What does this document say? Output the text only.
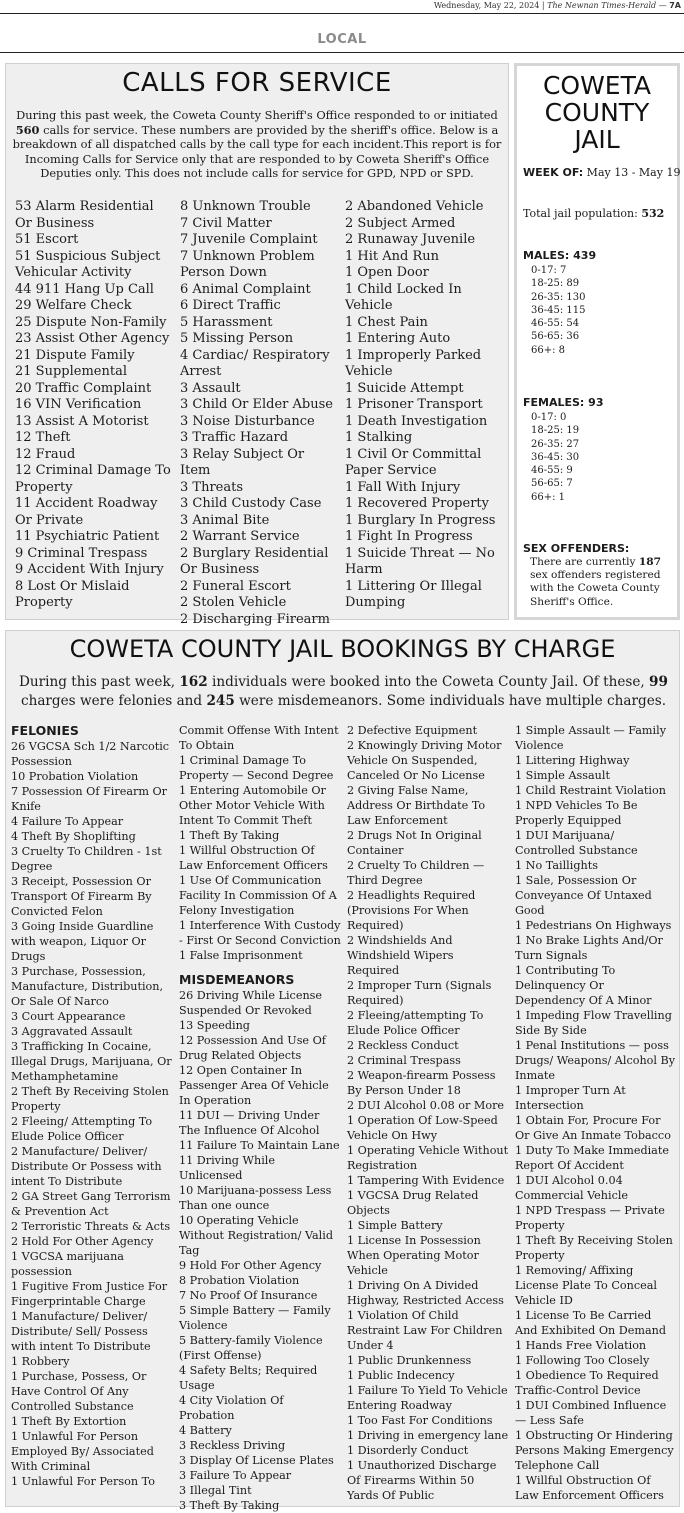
Wednesday, May 22, 2024 | The Newnan Times-Herald — 7A
LOCAL
CALLS FOR SERVICE

During this past week, the Coweta County Sheriff's Office responded to or initiated 560 calls for service. These numbers are provided by the sheriff's office. Below is a breakdown of all dispatched calls by the call type for each incident.This report is for Incoming Calls for Service only that are responded to by Coweta Sheriff's Office Deputies only. This does not include calls for service for GPD, NPD or SPD.

53 Alarm Residential Or Business
51 Escort
51 Suspicious Subject Vehicular Activity
44 911 Hang Up Call
29 Welfare Check
25 Dispute Non-Family
23 Assist Other Agency
21 Dispute Family
21 Supplemental
20 Traffic Complaint
16 VIN Verification
13 Assist A Motorist
12 Theft
12 Fraud
12 Criminal Damage To Property
11 Accident Roadway Or Private
11 Psychiatric Patient
9 Criminal Trespass
9 Accident With Injury
8 Lost Or Mislaid Property
8 Unknown Trouble
7 Civil Matter
7 Juvenile Complaint
7 Unknown Problem Person Down
6 Animal Complaint
6 Direct Traffic
5 Harassment
5 Missing Person
4 Cardiac/ Respiratory Arrest
3 Assault
3 Child Or Elder Abuse
3 Noise Disturbance
3 Traffic Hazard
3 Relay Subject Or Item
3 Threats
3 Child Custody Case
3 Animal Bite
2 Warrant Service
2 Burglary Residential Or Business
2 Funeral Escort
2 Stolen Vehicle
2 Discharging Firearm
2 Abandoned Vehicle
2 Subject Armed
2 Runaway Juvenile
1 Hit And Run
1 Open Door
1 Child Locked In Vehicle
1 Chest Pain
1 Entering Auto
1 Improperly Parked Vehicle
1 Suicide Attempt
1 Prisoner Transport
1 Death Investigation
1 Stalking
1 Civil Or Committal Paper Service
1 Fall With Injury
1 Recovered Property
1 Burglary In Progress
1 Fight In Progress
1 Suicide Threat — No Harm
1 Littering Or Illegal Dumping
COWETA
COUNTY
JAIL
WEEK OF: May 13 - May 19
Total jail population: 532
MALES: 439
0-17: 7
18-25: 89
26-35: 130
36-45: 115
46-55: 54
56-65: 36
66+: 8
FEMALES: 93
0-17: 0
18-25: 19
26-35: 27
36-45: 30
46-55: 9
56-65: 7
66+: 1
SEX OFFENDERS:
There are currently 187 sex offenders registered with the Coweta County Sheriff's Office.
COWETA COUNTY JAIL BOOKINGS BY CHARGE

During this past week, 162 individuals were booked into the Coweta County Jail. Of these, 99 charges were felonies and 245 were misdemeanors. Some individuals have multiple charges.

FELONIES
26 VGCSA Sch 1/2 Narcotic Possession
10 Probation Violation
7 Possession Of Firearm Or Knife
4 Failure To Appear
4 Theft By Shoplifting
3 Cruelty To Children - 1st Degree
3 Receipt, Possession Or Transport Of Firearm By Convicted Felon
3 Going Inside Guardline with weapon, Liquor Or Drugs
3 Purchase, Possession, Manufacture, Distribution, Or Sale Of Narco
3 Court Appearance
3 Aggravated Assault
3 Trafficking In Cocaine, Illegal Drugs, Marijuana, Or Methamphetamine
2 Theft By Receiving Stolen Property
2 Fleeing/ Attempting To Elude Police Officer
2 Manufacture/ Deliver/ Distribute Or Possess with intent To Distribute
2 GA Street Gang Terrorism & Prevention Act
2 Terroristic Threats & Acts
2 Hold For Other Agency
1 VGCSA marijuana possession
1 Fugitive From Justice For Fingerprintable Charge
1 Manufacture/ Deliver/ Distribute/ Sell/ Possess with intent To Distribute
1 Robbery
1 Purchase, Possess, Or Have Control Of Any Controlled Substance
1 Theft By Extortion
1 Unlawful For Person Employed By/ Associated With Criminal
1 Unlawful For Person To
Commit Offense With Intent To Obtain
1 Criminal Damage To Property — Second Degree
1 Entering Automobile Or Other Motor Vehicle With Intent To Commit Theft
1 Theft By Taking
1 Willful Obstruction Of Law Enforcement Officers
1 Use Of Communication Facility In Commission Of A Felony Investigation
1 Interference With Custody - First Or Second Conviction
1 False Imprisonment
MISDEMEANORS
26 Driving While License Suspended Or Revoked
13 Speeding
12 Possession And Use Of Drug Related Objects
12 Open Container In Passenger Area Of Vehicle In Operation
11 DUI — Driving Under The Influence Of Alcohol
11 Failure To Maintain Lane
11 Driving While Unlicensed
10 Marijuana-possess Less Than one ounce
10 Operating Vehicle Without Registration/ Valid Tag
9 Hold For Other Agency
8 Probation Violation
7 No Proof Of Insurance
5 Simple Battery — Family Violence
5 Battery-family Violence (First Offense)
4 Safety Belts; Required Usage
4 City Violation Of Probation
4 Battery
3 Reckless Driving
3 Display Of License Plates
3 Failure To Appear
3 Illegal Tint
3 Theft By Taking
2 Defective Equipment
2 Knowingly Driving Motor Vehicle On Suspended, Canceled Or No License
2 Giving False Name, Address Or Birthdate To Law Enforcement
2 Drugs Not In Original Container
2 Cruelty To Children — Third Degree
2 Headlights Required (Provisions For When Required)
2 Windshields And Windshield Wipers Required
2 Improper Turn (Signals Required)
2 Fleeing/attempting To Elude Police Officer
2 Reckless Conduct
2 Criminal Trespass
2 Weapon-firearm Possess By Person Under 18
2 DUI Alcohol 0.08 or More
1 Operation Of Low-Speed Vehicle On Hwy
1 Operating Vehicle Without Registration
1 Tampering With Evidence
1 VGCSA Drug Related Objects
1 Simple Battery
1 License In Possession When Operating Motor Vehicle
1 Driving On A Divided Highway, Restricted Access
1 Violation Of Child Restraint Law For Children Under 4
1 Public Drunkenness
1 Public Indecency
1 Failure To Yield To Vehicle Entering Roadway
1 Too Fast For Conditions
1 Driving in emergency lane
1 Disorderly Conduct
1 Unauthorized Discharge Of Firearms Within 50 Yards Of Public
1 Simple Assault — Family Violence
1 Littering Highway
1 Simple Assault
1 Child Restraint Violation
1 NPD Vehicles To Be Properly Equipped
1 DUI Marijuana/ Controlled Substance
1 No Taillights
1 Sale, Possession Or Conveyance Of Untaxed Good
1 Pedestrians On Highways
1 No Brake Lights And/Or Turn Signals
1 Contributing To Delinquency Or Dependency Of A Minor
1 Impeding Flow Travelling Side By Side
1 Penal Institutions — poss Drugs/ Weapons/ Alcohol By Inmate
1 Improper Turn At Intersection
1 Obtain For, Procure For Or Give An Inmate Tobacco
1 Duty To Make Immediate Report Of Accident
1 DUI Alcohol 0.04 Commercial Vehicle
1 NPD Trespass — Private Property
1 Theft By Receiving Stolen Property
1 Removing/ Affixing License Plate To Conceal Vehicle ID
1 License To Be Carried And Exhibited On Demand
1 Hands Free Violation
1 Following Too Closely
1 Obedience To Required Traffic-Control Device
1 DUI Combined Influence — Less Safe
1 Obstructing Or Hindering Persons Making Emergency Telephone Call
1 Willful Obstruction Of Law Enforcement Officers
